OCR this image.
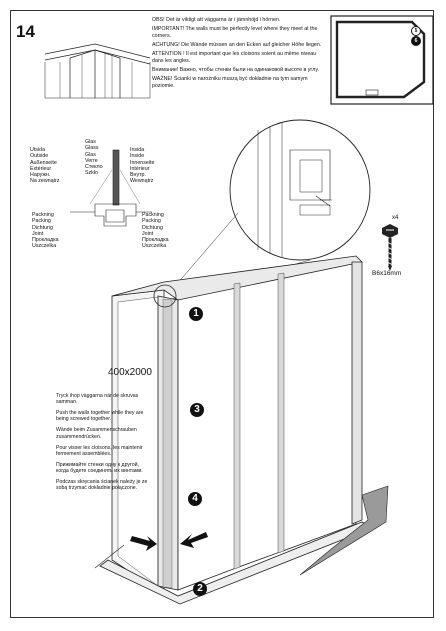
14

OBS! Det är viktigt att väggarna är i jämnhöjd i hörnen.

IMPORTANT! The walls must be perfectly level where they meet at the corners.

ACHTUNG! Die Wände müssen an den Ecken auf gleicher Höhe liegen.

ATTENTION ! Il est important que les cloisons soient au même niveau dans les angles.

Внимание! Важно, чтобы стенки были на одинаковой высоте в углу.

WAŻNE! Ścianki w narożniku muszą być dokładnie na tym samym poziomie.

5
6
Utsida
Outside
Außenseite
Extérieur
Наружн.
Na zewnątrz
Glas
Glass
Glas
Verre
Стекло
Szkło
Insida
Inside
Innenseite
Intérieur
Внутр.
Wewnątrz
Packning
Packing
Dichtung
Joint
Прокладка
Uszczelka
Packning
Packing
Dichtung
Joint
Прокладка
Uszczelka
x4
B6x16mm
400x2000
1
3
4
2

Tryck ihop väggarna när de skruvas samman.

Push the walls together while they are being screwed together.

Wände beim Zusammenschrauben zusammendrücken.

Pour visser les cloisons, les maintenir fermement assemblées.

Прижимайте стенки одну к другой, когда будете соединять их винтами.

Podczas skręcania ścianek należy je ze sobą trzymać dokładnie połączone.
